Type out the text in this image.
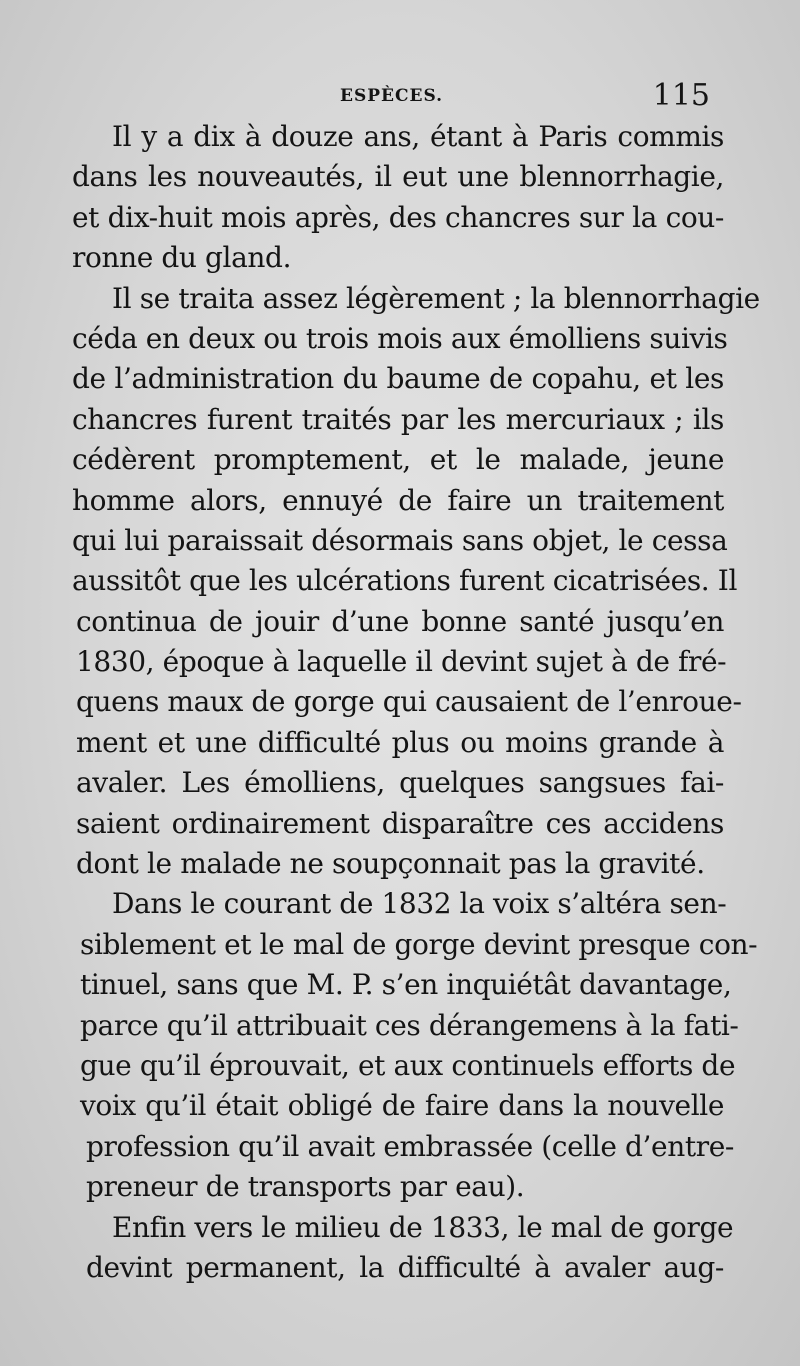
ESPÈCES.	115
Il y a dix à douze ans, étant à Paris commis
dans les nouveautés, il eut une blennorrhagie,
et dix-huit mois après, des chancres sur la cou-
ronne du gland.
Il se traita assez légèrement ; la blennorrhagie
céda en deux ou trois mois aux émolliens suivis
de l’administration du baume de copahu, et les
chancres furent traités par les mercuriaux ; ils
cédèrent promptement, et le malade, jeune
homme alors, ennuyé de faire un traitement
qui lui paraissait désormais sans objet, le cessa
aussitôt que les ulcérations furent cicatrisées. Il
continua de jouir d’une bonne santé jusqu’en
1830, époque à laquelle il devint sujet à de fré-
quens maux de gorge qui causaient de l’enroue-
ment et une difficulté plus ou moins grande à
avaler. Les émolliens, quelques sangsues fai-
saient ordinairement disparaître ces accidens
dont le malade ne soupçonnait pas la gravité.
Dans le courant de 1832 la voix s’altéra sen-
siblement et le mal de gorge devint presque con-
tinuel, sans que M. P. s’en inquiétât davantage,
parce qu’il attribuait ces dérangemens à la fati-
gue qu’il éprouvait, et aux continuels efforts de
voix qu’il était obligé de faire dans la nouvelle
profession qu’il avait embrassée (celle d’entre-
preneur de transports par eau).
Enfin vers le milieu de 1833, le mal de gorge
devint permanent, la difficulté à avaler aug-
